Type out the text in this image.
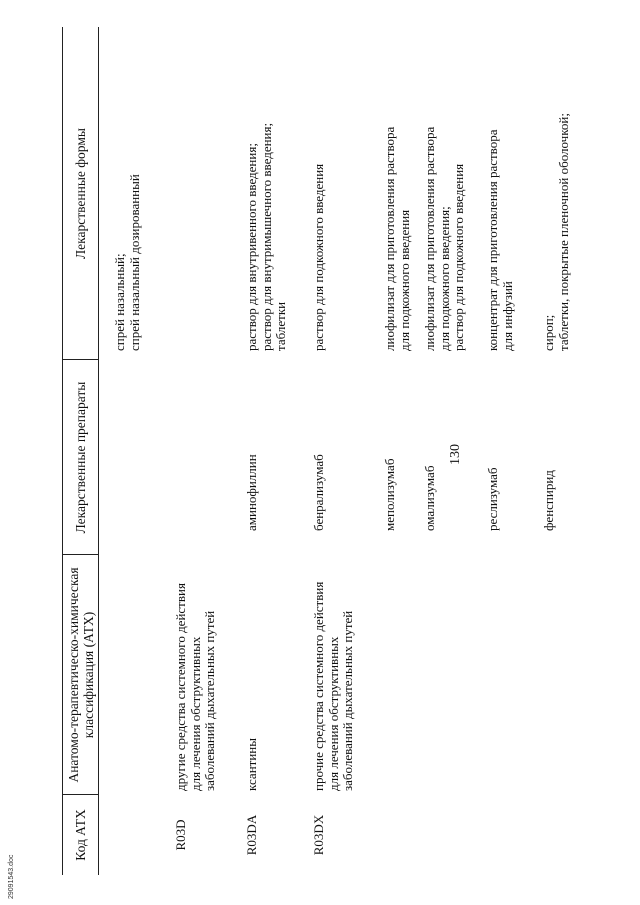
130
Код АТХ
Анатомо-терапевтическо-химическая классификация (АТХ)
Лекарственные препараты
Лекарственные формы
спрей назальный;
спрей назальный дозированный
R03D
другие средства системного действия
для лечения обструктивных
заболеваний дыхательных путей
R03DA
ксантины
аминофиллин
раствор для внутривенного введения;
раствор для внутримышечного введения;
таблетки
R03DX
прочие средства системного действия
для лечения обструктивных
заболеваний дыхательных путей
бенрализумаб
раствор для подкожного введения
меполизумаб
лиофилизат для приготовления раствора
для подкожного введения
омализумаб
лиофилизат для приготовления раствора
для подкожного введения;
раствор для подкожного введения
реслизумаб
концентрат для приготовления раствора
для инфузий
фенспирид
сироп;
таблетки, покрытые пленочной оболочкой;
29091543.doc
